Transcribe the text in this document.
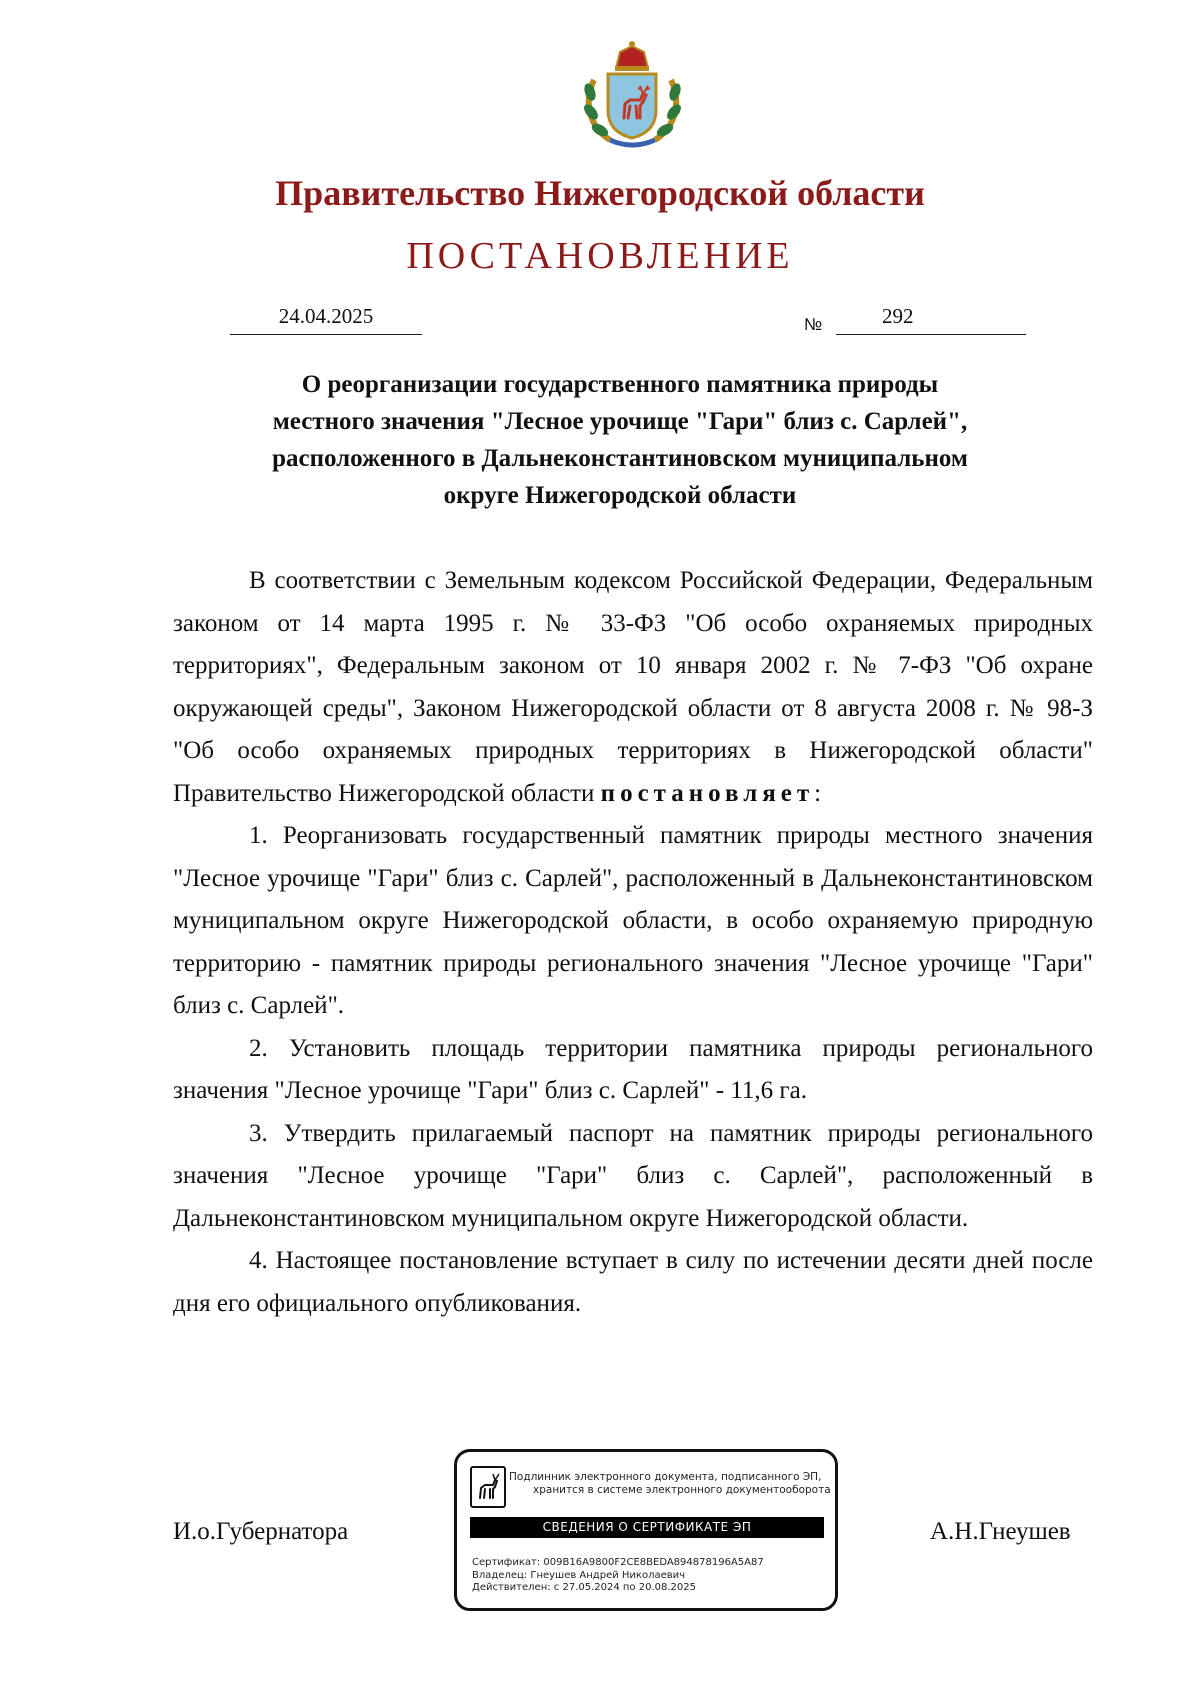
Правительство Нижегородской области
ПОСТАНОВЛЕНИЕ
24.04.2025	№	292
О реорганизации государственного памятника природы
местного значения "Лесное урочище "Гари" близ с. Сарлей",
расположенного в Дальнеконстантиновском муниципальном
округе Нижегородской области

В соответствии с Земельным кодексом Российской Федерации, Федеральным законом от 14 марта 1995 г. № 33-ФЗ "Об особо охраняемых природных территориях", Федеральным законом от 10 января 2002 г. № 7-ФЗ "Об охране окружающей среды", Законом Нижегородской области от 8 августа 2008 г. № 98-З "Об особо охраняемых природных территориях в Нижегородской области" Правительство Нижегородской области постановляет:

1. Реорганизовать государственный памятник природы местного значения "Лесное урочище "Гари" близ с. Сарлей", расположенный в Дальнеконстантиновском муниципальном округе Нижегородской области, в особо охраняемую природную территорию - памятник природы регионального значения "Лесное урочище "Гари" близ с. Сарлей".

2. Установить площадь территории памятника природы регионального значения "Лесное урочище "Гари" близ с. Сарлей" - 11,6 га.

3. Утвердить прилагаемый паспорт на памятник природы регионального значения "Лесное урочище "Гари" близ с. Сарлей", расположенный в Дальнеконстантиновском муниципальном округе Нижегородской области.

4. Настоящее постановление вступает в силу по истечении десяти дней после дня его официального опубликования.

И.о.Губернатора	А.Н.Гнеушев
Подлинник электронного документа, подписанного ЭП,
хранится в системе электронного документооборота
СВЕДЕНИЯ О СЕРТИФИКАТЕ ЭП
Сертификат: 009B16A9800F2CE8BEDA894878196A5A87
Владелец: Гнеушев Андрей Николаевич
Действителен: с 27.05.2024 по 20.08.2025
